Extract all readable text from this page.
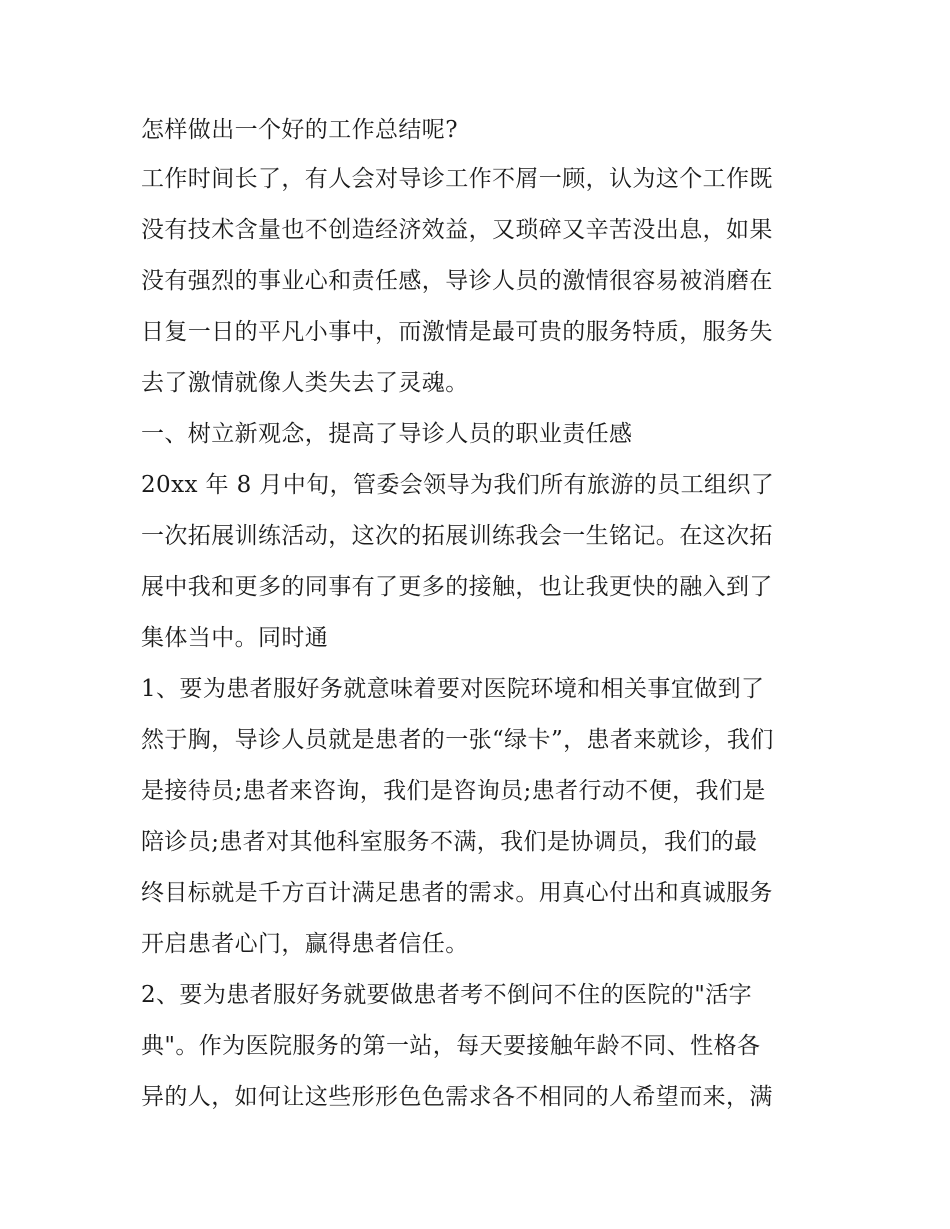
怎样做出一个好的工作总结呢?

工作时间长了，有人会对导诊工作不屑一顾，认为这个工作既
没有技术含量也不创造经济效益，又琐碎又辛苦没出息，如果
没有强烈的事业心和责任感，导诊人员的激情很容易被消磨在
日复一日的平凡小事中，而激情是最可贵的服务特质，服务失
去了激情就像人类失去了灵魂。

一、树立新观念，提高了导诊人员的职业责任感

20xx 年 8 月中旬，管委会领导为我们所有旅游的员工组织了
一次拓展训练活动，这次的拓展训练我会一生铭记。在这次拓
展中我和更多的同事有了更多的接触，也让我更快的融入到了
集体当中。同时通

1、要为患者服好务就意味着要对医院环境和相关事宜做到了
然于胸，导诊人员就是患者的一张“绿卡”，患者来就诊，我们
是接待员;患者来咨询，我们是咨询员;患者行动不便，我们是
陪诊员;患者对其他科室服务不满，我们是协调员，我们的最
终目标就是千方百计满足患者的需求。用真心付出和真诚服务
开启患者心门，赢得患者信任。

2、要为患者服好务就要做患者考不倒问不住的医院的"活字
典"。作为医院服务的第一站，每天要接触年龄不同、性格各
异的人，如何让这些形形色色需求各不相同的人希望而来，满
